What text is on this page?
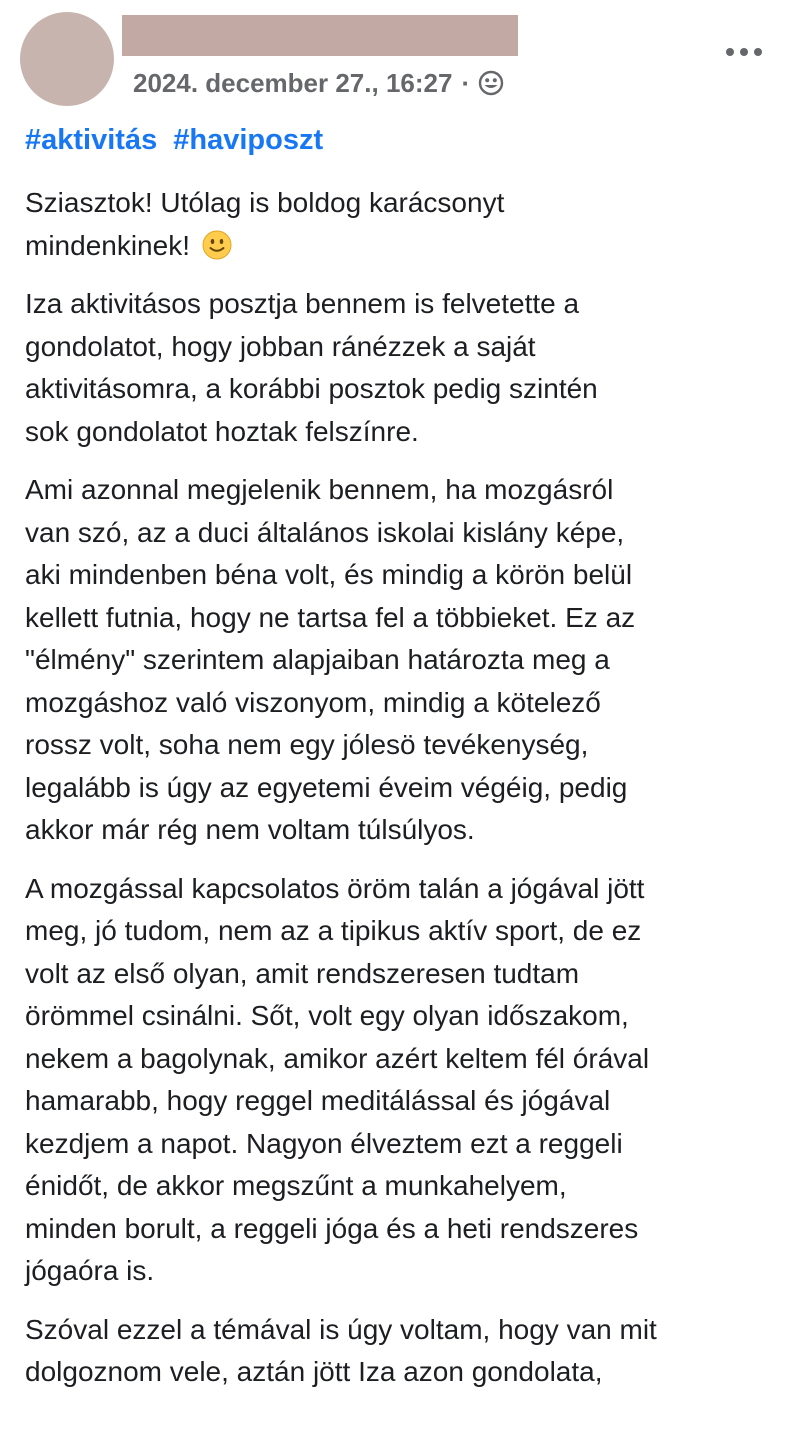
2024. december 27., 16:27 ·
#aktivitás #haviposzt

Sziasztok! Utólag is boldog karácsonyt
mindenkinek!

Iza aktivitásos posztja bennem is felvetette a
gondolatot, hogy jobban ránézzek a saját
aktivitásomra, a korábbi posztok pedig szintén
sok gondolatot hoztak felszínre.

Ami azonnal megjelenik bennem, ha mozgásról
van szó, az a duci általános iskolai kislány képe,
aki mindenben béna volt, és mindig a körön belül
kellett futnia, hogy ne tartsa fel a többieket. Ez az
"élmény" szerintem alapjaiban határozta meg a
mozgáshoz való viszonyom, mindig a kötelező
rossz volt, soha nem egy jólesö tevékenység,
legalább is úgy az egyetemi éveim végéig, pedig
akkor már rég nem voltam túlsúlyos.

A mozgással kapcsolatos öröm talán a jógával jött
meg, jó tudom, nem az a tipikus aktív sport, de ez
volt az első olyan, amit rendszeresen tudtam
örömmel csinálni. Sőt, volt egy olyan időszakom,
nekem a bagolynak, amikor azért keltem fél órával
hamarabb, hogy reggel meditálással és jógával
kezdjem a napot. Nagyon élveztem ezt a reggeli
énidőt, de akkor megszűnt a munkahelyem,
minden borult, a reggeli jóga és a heti rendszeres
jógaóra is.

Szóval ezzel a témával is úgy voltam, hogy van mit
dolgoznom vele, aztán jött Iza azon gondolata,
